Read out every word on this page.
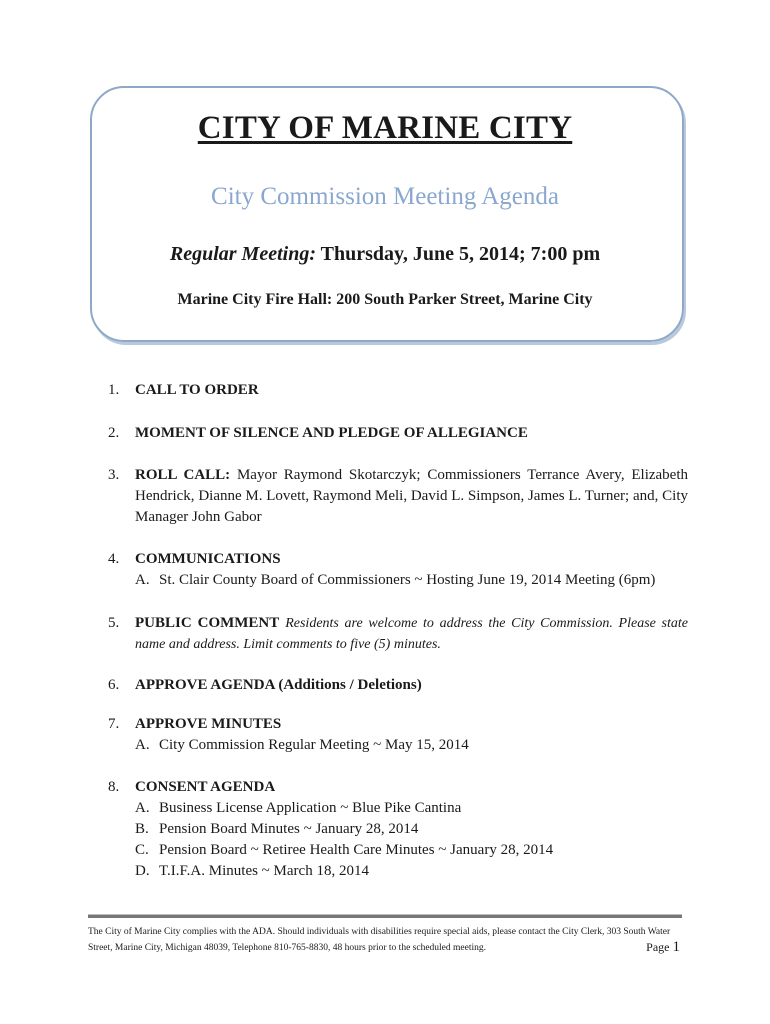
CITY OF MARINE CITY
City Commission Meeting Agenda
Regular Meeting: Thursday, June 5, 2014; 7:00 pm
Marine City Fire Hall: 200 South Parker Street, Marine City
1.	CALL TO ORDER
2.	MOMENT OF SILENCE AND PLEDGE OF ALLEGIANCE
3.	ROLL CALL: Mayor Raymond Skotarczyk; Commissioners Terrance Avery, Elizabeth Hendrick, Dianne M. Lovett, Raymond Meli, David L. Simpson, James L. Turner; and, City Manager John Gabor
4.	COMMUNICATIONS
A. St. Clair County Board of Commissioners ~ Hosting June 19, 2014 Meeting (6pm)
5.	PUBLIC COMMENT Residents are welcome to address the City Commission. Please state name and address. Limit comments to five (5) minutes.
6.	APPROVE AGENDA (Additions / Deletions)
7.	APPROVE MINUTES
A. City Commission Regular Meeting ~ May 15, 2014
8.	CONSENT AGENDA
A. Business License Application ~ Blue Pike Cantina
B. Pension Board Minutes ~ January 28, 2014
C. Pension Board ~ Retiree Health Care Minutes ~ January 28, 2014
D. T.I.F.A. Minutes ~ March 18, 2014
The City of Marine City complies with the ADA. Should individuals with disabilities require special aids, please contact the City Clerk, 303 South Water Street, Marine City, Michigan 48039, Telephone 810-765-8830, 48 hours prior to the scheduled meeting.	Page 1
